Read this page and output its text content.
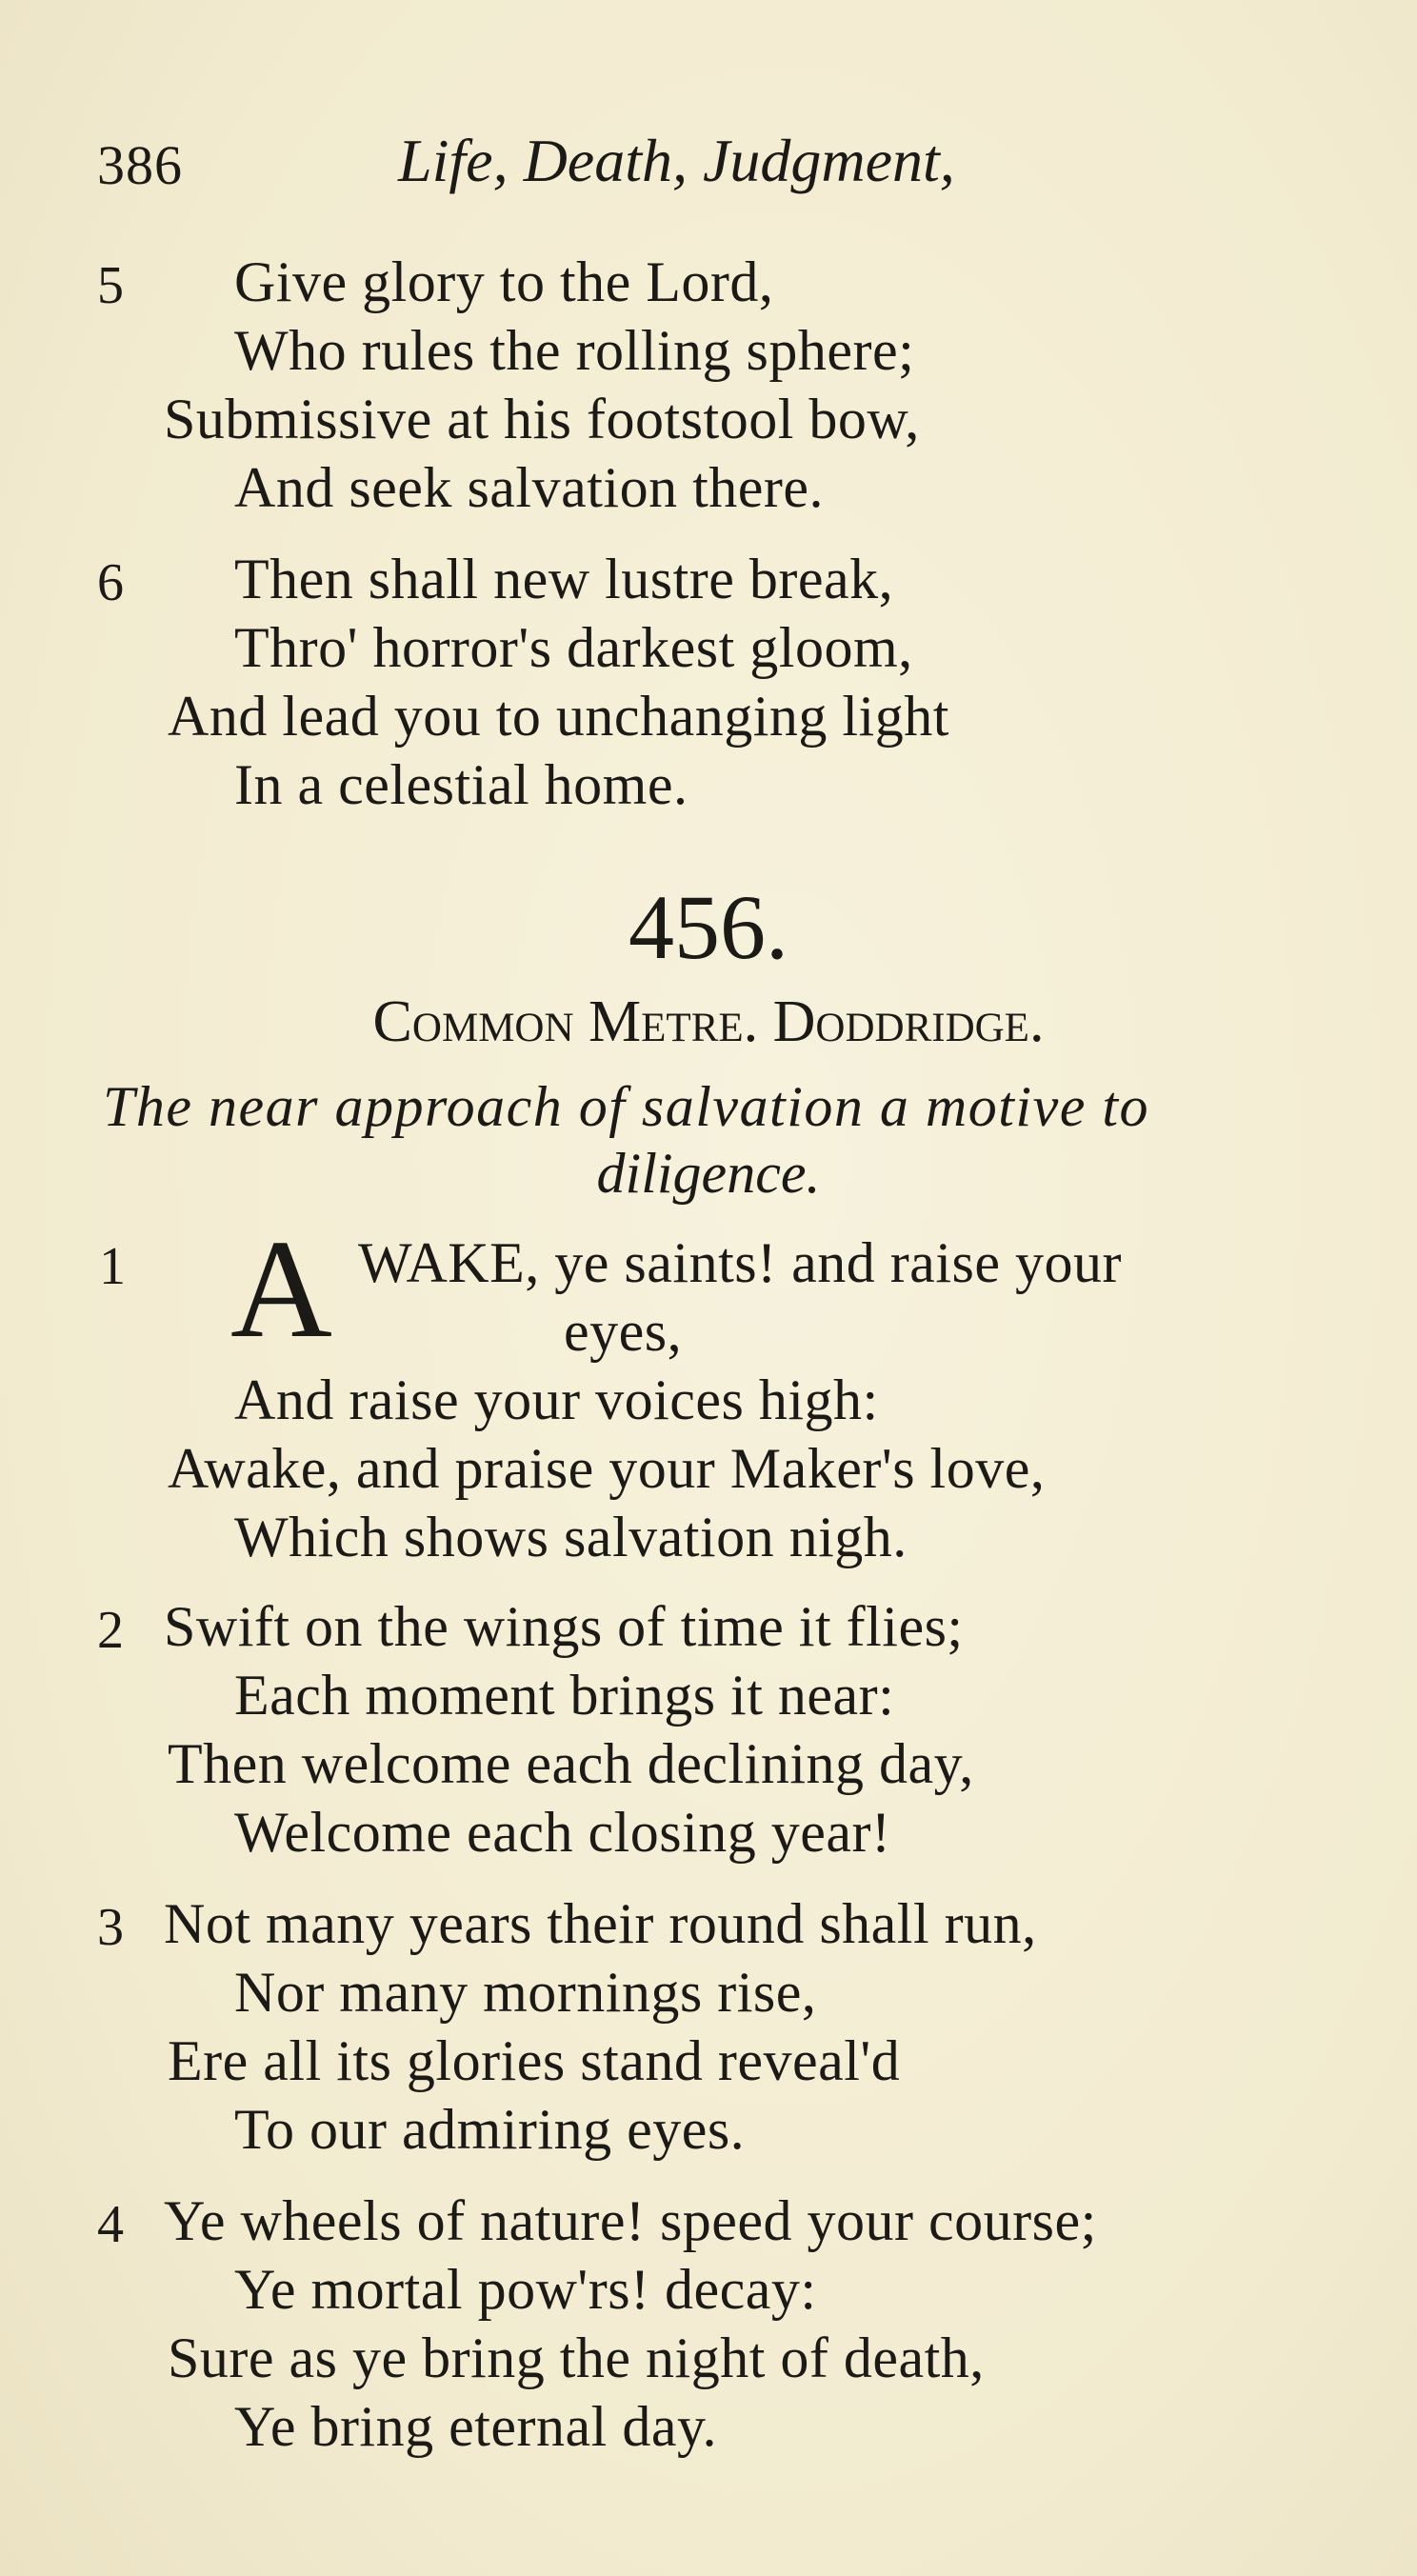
386	Life, Death, Judgment,
5 Give glory to the Lord,
Who rules the rolling sphere;
Submissive at his footstool bow,
And seek salvation there.
6 Then shall new lustre break,
Thro' horror's darkest gloom,
And lead you to unchanging light
In a celestial home.
456.
Common Metre. Doddridge.
The near approach of salvation a motive to
diligence.
1 A WAKE, ye saints! and raise your
eyes,
And raise your voices high:
Awake, and praise your Maker's love,
Which shows salvation nigh.
2 Swift on the wings of time it flies;
Each moment brings it near:
Then welcome each declining day,
Welcome each closing year!
3 Not many years their round shall run,
Nor many mornings rise,
Ere all its glories stand reveal'd
To our admiring eyes.
4 Ye wheels of nature! speed your course;
Ye mortal pow'rs! decay:
Sure as ye bring the night of death,
Ye bring eternal day.
